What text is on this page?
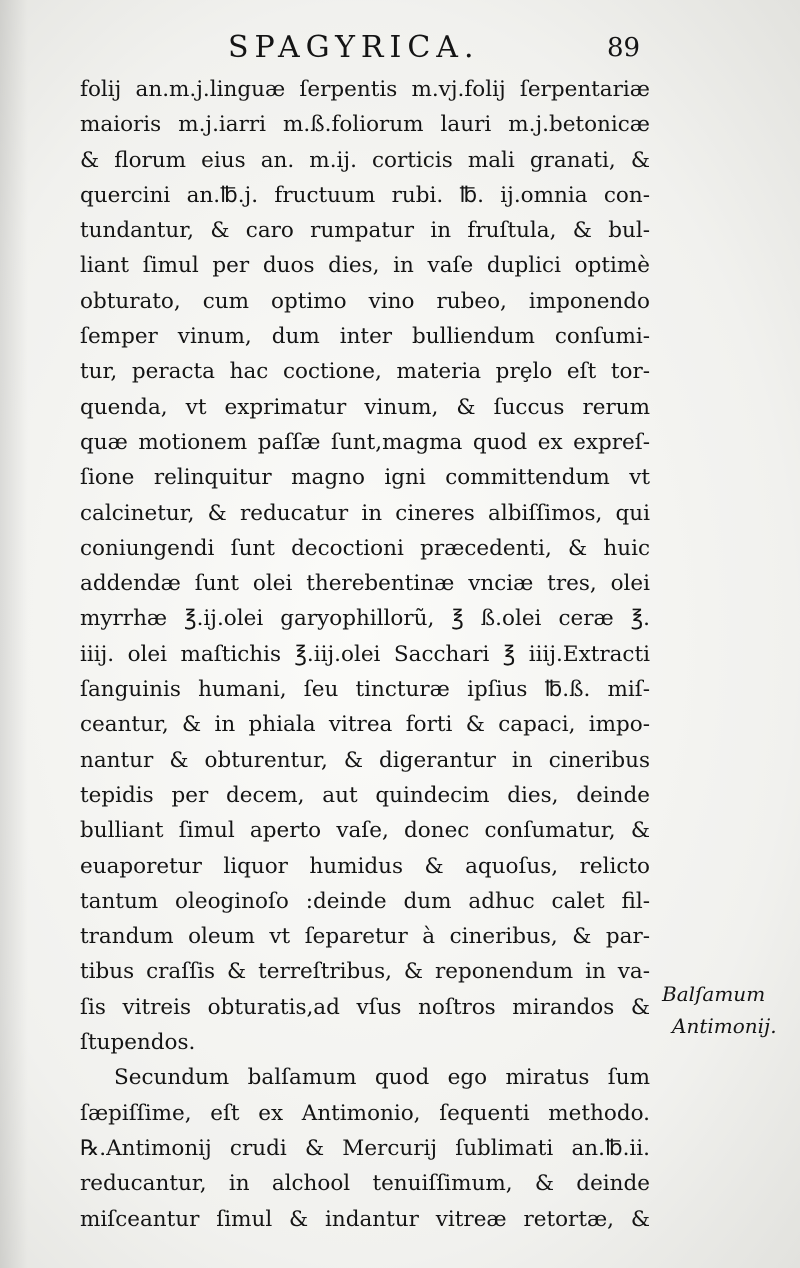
SPAGYRICA.	89
folij an.m.j.linguæ ſerpentis m.vj.folij ſerpentariæ
maioris m.j.iarri m.ß.foliorum lauri m.j.betonicæ
& florum eius an. m.ij. corticis mali granati, &
quercini an.℔.j. fructuum rubi. ℔. ij.omnia con-
tundantur, & caro rumpatur in fruſtula, & bul-
liant ſimul per duos dies, in vaſe duplici optimè
obturato, cum optimo vino rubeo, imponendo
ſemper vinum, dum inter bulliendum conſumi-
tur, peracta hac coctione, materia prȩlo eſt tor-
quenda, vt exprimatur vinum, & ſuccus rerum
quæ motionem paſſæ ſunt,magma quod ex expreſ-
ſione relinquitur magno igni committendum vt
calcinetur, & reducatur in cineres albiſſimos, qui
coniungendi ſunt decoctioni præcedenti, & huic
addendæ ſunt olei therebentinæ vnciæ tres, olei
myrrhæ ℥.ij.olei garyophillorũ, ℥ ß.olei ceræ ℥.
iiij. olei maſtichis ℥.iij.olei Sacchari ℥ iiij.Extracti
ſanguinis humani, ſeu tincturæ ipſius ℔.ß. miſ-
ceantur, & in phiala vitrea forti & capaci, impo-
nantur & obturentur, & digerantur in cineribus
tepidis per decem, aut quindecim dies, deinde
bulliant ſimul aperto vaſe, donec conſumatur, &
euaporetur liquor humidus & aquoſus, relicto
tantum oleoginoſo :deinde dum adhuc calet fil-
trandum oleum vt ſeparetur à cineribus, & par-
tibus craſſis & terreſtribus, & reponendum in va-
ſis vitreis obturatis,ad vſus noſtros mirandos &
ſtupendos.
Secundum balſamum quod ego miratus ſum
ſæpiſſime, eſt ex Antimonio, ſequenti methodo.
℞.Antimonij crudi & Mercurij ſublimati an.℔.ii.
reducantur, in alchool tenuiſſimum, & deinde
miſceantur ſimul & indantur vitreæ retortæ, &
Balſamum
Antimonij.
